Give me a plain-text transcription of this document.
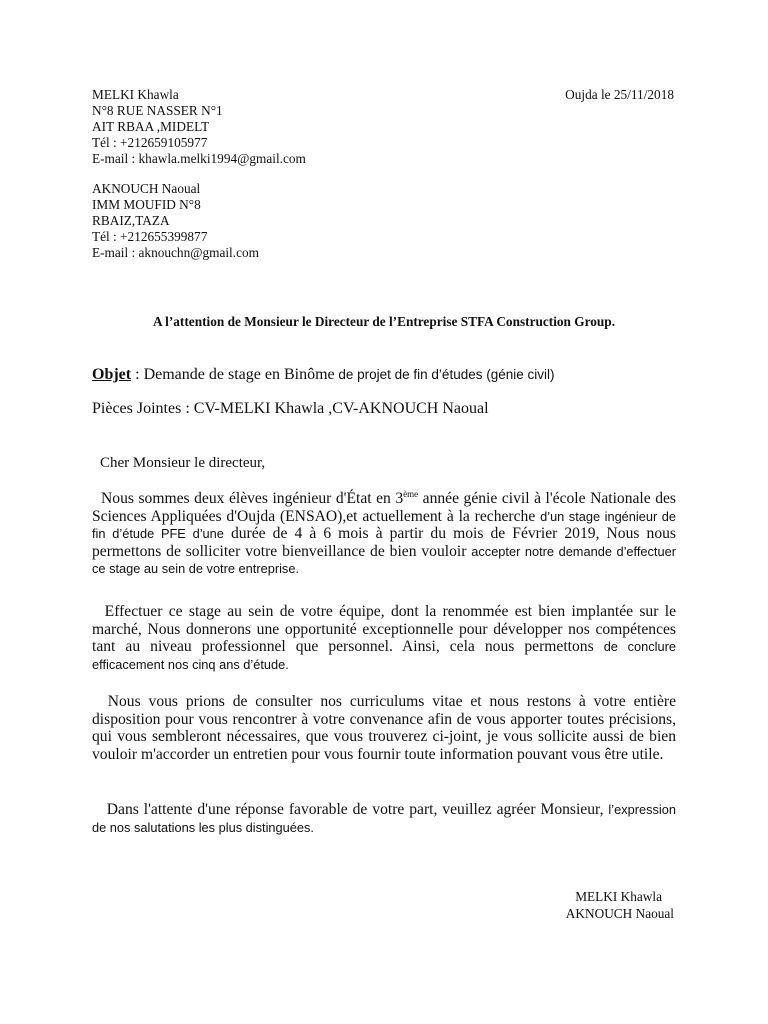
MELKI Khawla
N°8 RUE NASSER N°1
AIT RBAA ,MIDELT
Tél : +212659105977
E-mail : khawla.melki1994@gmail.com
Oujda le 25/11/2018
AKNOUCH Naoual
IMM MOUFID N°8
RBAIZ,TAZA
Tél : +212655399877
E-mail : aknouchn@gmail.com
A l’attention de Monsieur le Directeur de l’Entreprise STFA Construction Group.
Objet : Demande de stage en Binôme de projet de fin d’études (génie civil)
Pièces Jointes : CV-MELKI Khawla ,CV-AKNOUCH Naoual
Cher Monsieur le directeur,
Nous sommes deux élèves ingénieur d'État en 3ème année génie civil à l'école Nationale des Sciences Appliquées d'Oujda (ENSAO),et actuellement à la recherche d’un stage ingénieur de fin d’étude PFE d’une durée de 4 à 6 mois à partir du mois de Février 2019, Nous nous permettons de solliciter votre bienveillance de bien vouloir accepter notre demande d’effectuer ce stage au sein de votre entreprise.
Effectuer ce stage au sein de votre équipe, dont la renommée est bien implantée sur le marché, Nous donnerons une opportunité exceptionnelle pour développer nos compétences tant au niveau professionnel que personnel. Ainsi, cela nous permettons de conclure efficacement nos cinq ans d’étude.
Nous vous prions de consulter nos curriculums vitae et nous restons à votre entière disposition pour vous rencontrer à votre convenance afin de vous apporter toutes précisions, qui vous sembleront nécessaires, que vous trouverez ci-joint, je vous sollicite aussi de bien vouloir m'accorder un entretien pour vous fournir toute information pouvant vous être utile.
Dans l'attente d'une réponse favorable de votre part, veuillez agréer Monsieur, l’expression de nos salutations les plus distinguées.
MELKI Khawla
AKNOUCH Naoual
